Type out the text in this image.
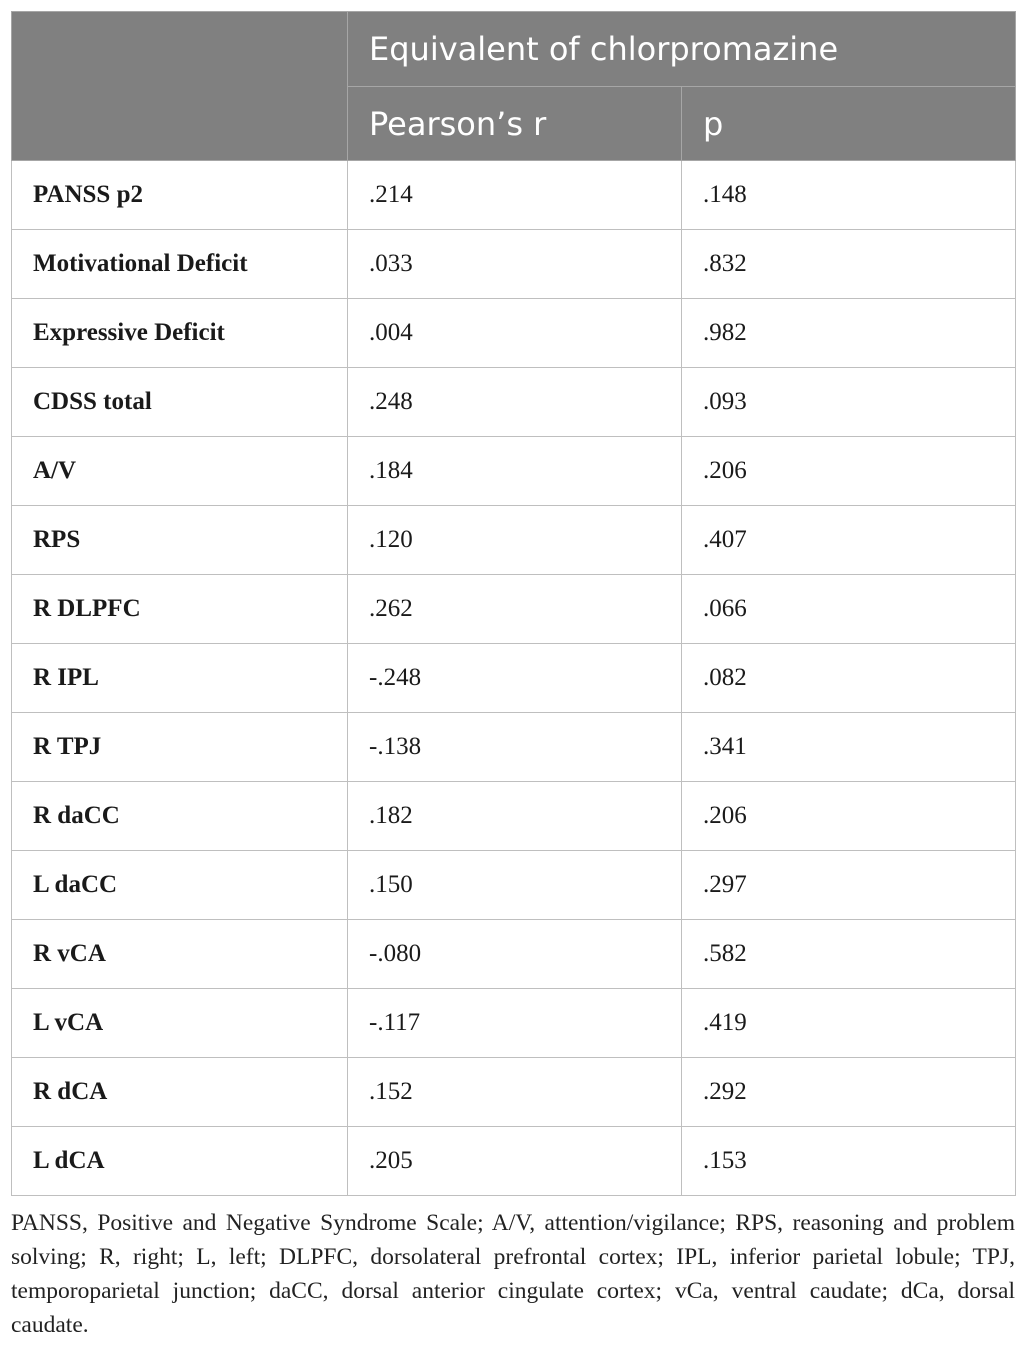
	Equivalent of chlorpromazine	
	Pearson’s r	p
PANSS p2	.214	.148
Motivational Deficit	.033	.832
Expressive Deficit	.004	.982
CDSS total	.248	.093
A/V	.184	.206
RPS	.120	.407
R DLPFC	.262	.066
R IPL	-.248	.082
R TPJ	-.138	.341
R daCC	.182	.206
L daCC	.150	.297
R vCA	-.080	.582
L vCA	-.117	.419
R dCA	.152	.292
L dCA	.205	.153

PANSS, Positive and Negative Syndrome Scale; A/V, attention/vigilance; RPS, reasoning and problem solving; R, right; L, left; DLPFC, dorsolateral prefrontal cortex; IPL, inferior parietal lobule; TPJ, temporoparietal junction; daCC, dorsal anterior cingulate cortex; vCa, ventral caudate; dCa, dorsal caudate.
